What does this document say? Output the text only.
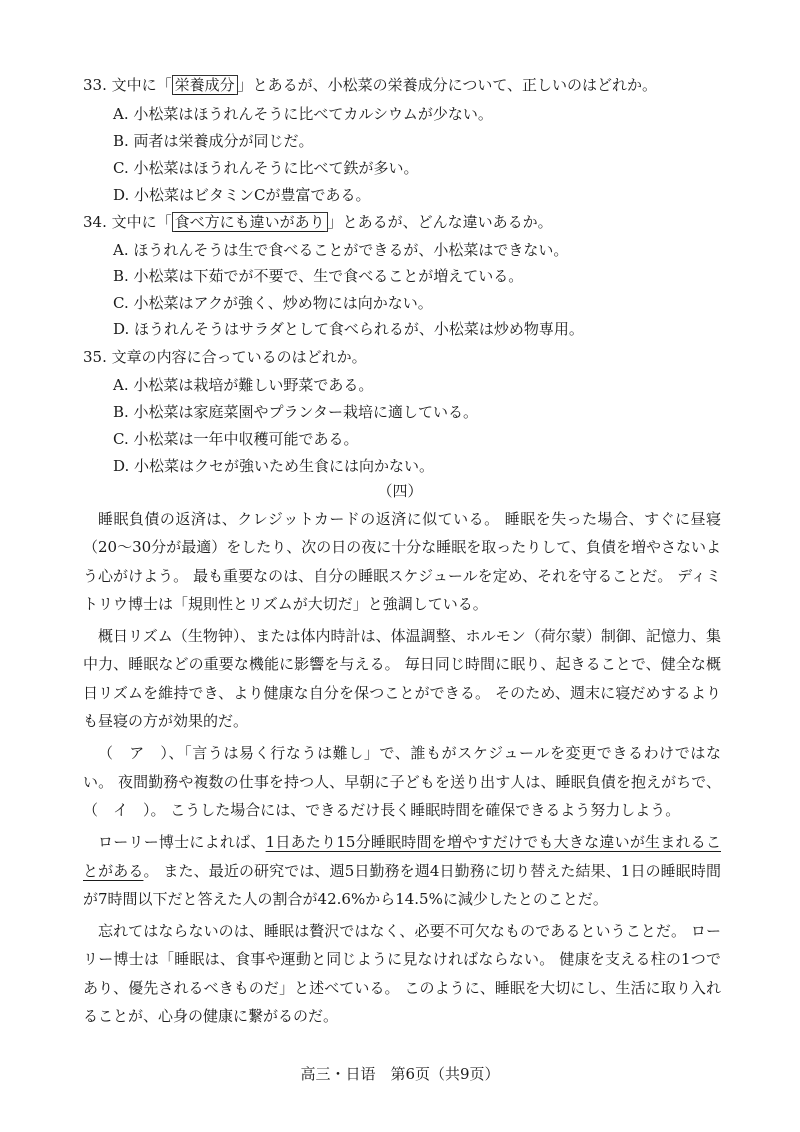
33. 文中に「 栄養成分 」とあるが、小松菜の栄養成分について、正しいのはどれか。
A. 小松菜はほうれんそうに比べてカルシウムが少ない。
B. 両者は栄養成分が同じだ。
C. 小松菜はほうれんそうに比べて鉄が多い。
D. 小松菜はビタミンCが豊富である。
34. 文中に「 食べ方にも違いがあり 」とあるが、どんな違いあるか。
A. ほうれんそうは生で食べることができるが、小松菜はできない。
B. 小松菜は下茹でが不要で、生で食べることが増えている。
C. 小松菜はアクが強く、炒め物には向かない。
D. ほうれんそうはサラダとして食べられるが、小松菜は炒め物専用。
35. 文章の内容に合っているのはどれか。
A. 小松菜は栽培が難しい野菜である。
B. 小松菜は家庭菜園やプランター栽培に適している。
C. 小松菜は一年中収穫可能である。
D. 小松菜はクセが強いため生食には向かない。
（四）

睡眠負債の返済は、クレジットカードの返済に似ている。 睡眠を失った場合、すぐに昼寝（20～30分が最適）をしたり、次の日の夜に十分な睡眠を取ったりして、負債を増やさないよう心がけよう。 最も重要なのは、自分の睡眠スケジュールを定め、それを守ることだ。 ディミトリウ博士は「規則性とリズムが大切だ」と強調している。

概日リズム（生物钟）、または体内時計は、体温調整、ホルモン（荷尔蒙）制御、記憶力、集中力、睡眠などの重要な機能に影響を与える。 毎日同じ時間に眠り、起きることで、健全な概日リズムを維持でき、より健康な自分を保つことができる。 そのため、週末に寝だめするよりも昼寝の方が効果的だ。

（　ア　）、「言うは易く行なうは難し」で、誰もがスケジュールを変更できるわけではない。 夜間勤務や複数の仕事を持つ人、早朝に子どもを送り出す人は、睡眠負債を抱えがちで、（　イ　）。 こうした場合には、できるだけ長く睡眠時間を確保できるよう努力しよう。

ローリー博士によれば、1日あたり15分睡眠時間を増やすだけでも大きな違いが生まれることがある。 また、最近の研究では、週5日勤務を週4日勤務に切り替えた結果、1日の睡眠時間が7時間以下だと答えた人の割合が42.6%から14.5%に減少したとのことだ。

忘れてはならないのは、睡眠は贅沢ではなく、必要不可欠なものであるということだ。 ローリー博士は「睡眠は、食事や運動と同じように見なければならない。 健康を支える柱の1つであり、優先されるべきものだ」と述べている。 このように、睡眠を大切にし、生活に取り入れることが、心身の健康に繋がるのだ。

高三・日语　第6页（共9页）
